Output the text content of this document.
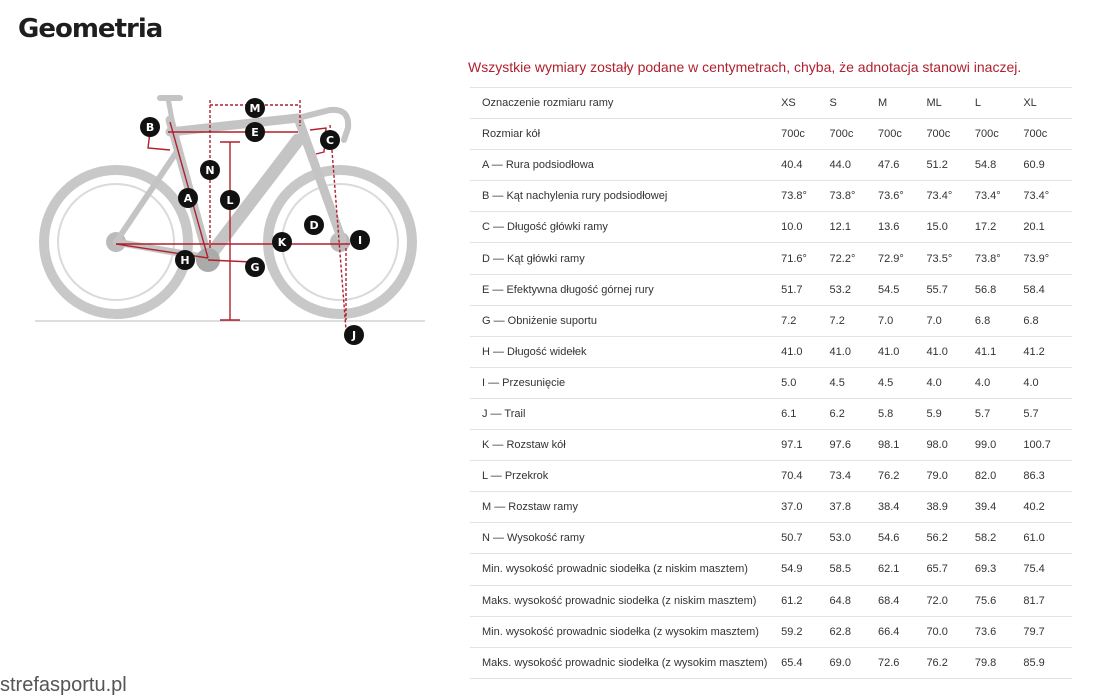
Geometria
M
E
B
C
N
A	L
D
K	I
H
G
J
Wszystkie wymiary zostały podane w centymetrach, chyba, że adnotacja stanowi inaczej.
Oznaczenie rozmiaru ramy	XS	S	M	ML	L	XL
Rozmiar kół	700c	700c	700c	700c	700c	700c
A — Rura podsiodłowa	40.4	44.0	47.6	51.2	54.8	60.9
B — Kąt nachylenia rury podsiodłowej	73.8°	73.8°	73.6°	73.4°	73.4°	73.4°
C — Długość główki ramy	10.0	12.1	13.6	15.0	17.2	20.1
D — Kąt główki ramy	71.6°	72.2°	72.9°	73.5°	73.8°	73.9°
E — Efektywna długość górnej rury	51.7	53.2	54.5	55.7	56.8	58.4
G — Obniżenie suportu	7.2	7.2	7.0	7.0	6.8	6.8
H — Długość widełek	41.0	41.0	41.0	41.0	41.1	41.2
I — Przesunięcie	5.0	4.5	4.5	4.0	4.0	4.0
J — Trail	6.1	6.2	5.8	5.9	5.7	5.7
K — Rozstaw kół	97.1	97.6	98.1	98.0	99.0	100.7
L — Przekrok	70.4	73.4	76.2	79.0	82.0	86.3
M — Rozstaw ramy	37.0	37.8	38.4	38.9	39.4	40.2
N — Wysokość ramy	50.7	53.0	54.6	56.2	58.2	61.0
Min. wysokość prowadnic siodełka (z niskim masztem)	54.9	58.5	62.1	65.7	69.3	75.4
Maks. wysokość prowadnic siodełka (z niskim masztem)	61.2	64.8	68.4	72.0	75.6	81.7
Min. wysokość prowadnic siodełka (z wysokim masztem)	59.2	62.8	66.4	70.0	73.6	79.7
Maks. wysokość prowadnic siodełka (z wysokim masztem)	65.4	69.0	72.6	76.2	79.8	85.9
strefasportu.pl
